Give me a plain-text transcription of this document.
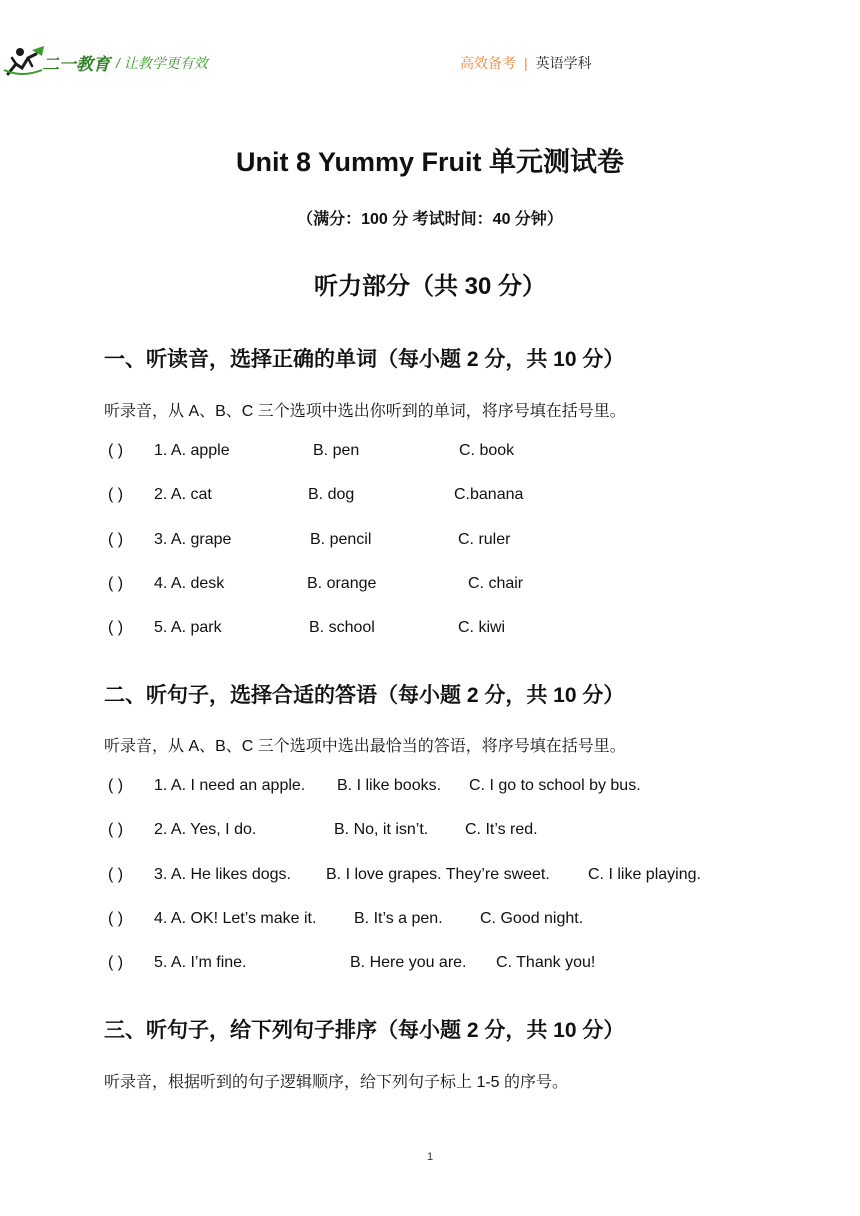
二一教育 / 让教学更有效	高效备考 | 英语学科
Unit 8 Yummy Fruit 单元测试卷
（满分：100 分 考试时间：40 分钟）
听力部分（共 30 分）
一、听读音，选择正确的单词（每小题 2 分，共 10 分）
听录音，从 A、B、C 三个选项中选出你听到的单词，将序号填在括号里。
( ) 1. A. apple	B. pen	C. book
( ) 2. A. cat	B. dog	C.banana
( ) 3. A. grape	B. pencil	C. ruler
( ) 4. A. desk	B. orange	C. chair
( ) 5. A. park	B. school	C. kiwi
二、听句子，选择合适的答语（每小题 2 分，共 10 分）
听录音，从 A、B、C 三个选项中选出最恰当的答语，将序号填在括号里。
( ) 1. A. I need an apple. B. I like books. C. I go to school by bus.
( ) 2. A. Yes, I do.	B. No, it isn’t. C. It’s red.
( ) 3. A. He likes dogs. B. I love grapes. They’re sweet. C. I like playing.
( ) 4. A. OK! Let’s make it. B. It’s a pen. C. Good night.
( ) 5. A. I’m fine.	B. Here you are. C. Thank you!
三、听句子，给下列句子排序（每小题 2 分，共 10 分）
听录音，根据听到的句子逻辑顺序，给下列句子标上 1-5 的序号。
1
